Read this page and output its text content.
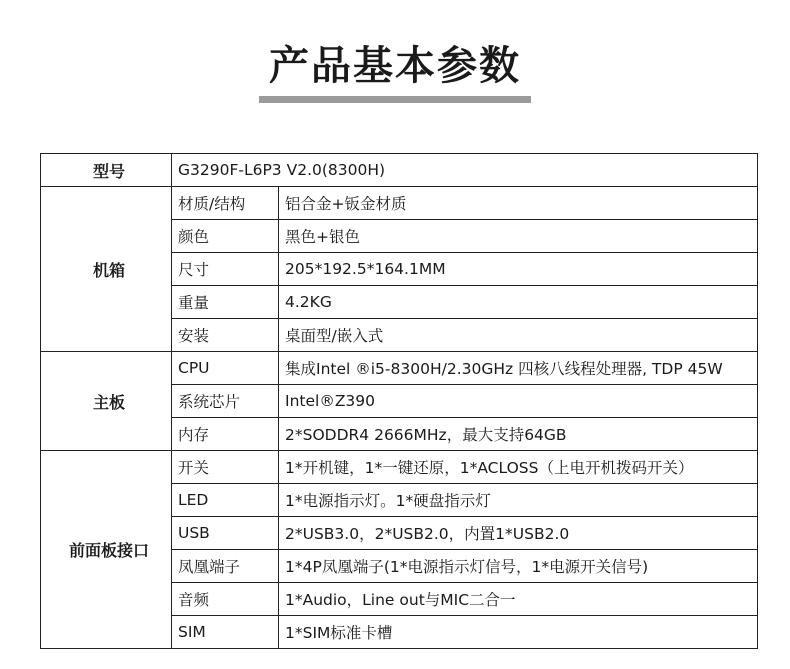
产品基本参数
型号	G3290F-L6P3 V2.0(8300H)	
机箱	材质/结构	铝合金+钣金材质
	颜色	黑色+银色
	尺寸	205*192.5*164.1MM
	重量	4.2KG
	安装	桌面型/嵌入式
主板	CPU	集成Intel ®i5-8300H/2.30GHz 四核八线程处理器, TDP 45W
	系统芯片	Intel®Z390
	内存	2*SODDR4 2666MHz，最大支持64GB
前面板接口	开关	1*开机键，1*一键还原，1*ACLOSS（上电开机拨码开关）
	LED	1*电源指示灯。1*硬盘指示灯
	USB	2*USB3.0，2*USB2.0，内置1*USB2.0
	凤凰端子	1*4P凤凰端子(1*电源指示灯信号，1*电源开关信号)
	音频	1*Audio，Line out与MIC二合一
	SIM	1*SIM标准卡槽
